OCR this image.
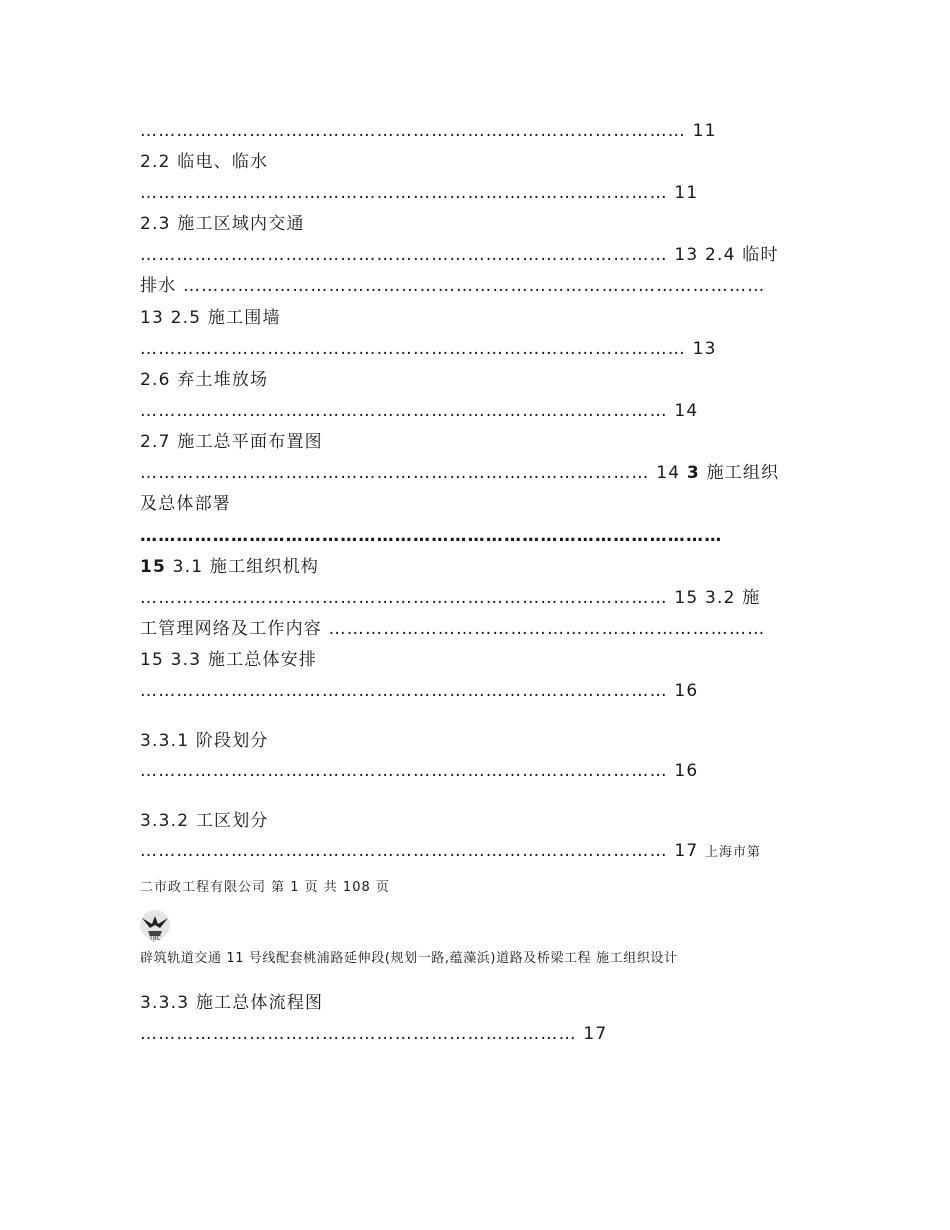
……………………………………………………………………………… 11
2.2 临电、临水
…………………………………………………………………………… 11
2.3 施工区域内交通
…………………………………………………………………………… 13 2.4 临时
排水 ……………………………………………………………………………………
13 2.5 施工围墙
……………………………………………………………………………… 13
2.6 弃土堆放场
…………………………………………………………………………… 14
2.7 施工总平面布置图
………………………………………………………………………… 14 3 施工组织
及总体部署
……………………………………………………………………………………
15 3.1 施工组织机构
…………………………………………………………………………… 15 3.2 施
工管理网络及工作内容 ………………………………………………………………
15 3.3 施工总体安排
…………………………………………………………………………… 16
3.3.1 阶段划分
…………………………………………………………………………… 16
3.3.2 工区划分
…………………………………………………………………………… 17 上海市第
二市政工程有限公司 第 1 页 共 108 页
TJIC
辟筑轨道交通 11 号线配套桃浦路延伸段(规划一路,蕴藻浜)道路及桥梁工程 施工组织设计
3.3.3 施工总体流程图
……………………………………………………………… 17
